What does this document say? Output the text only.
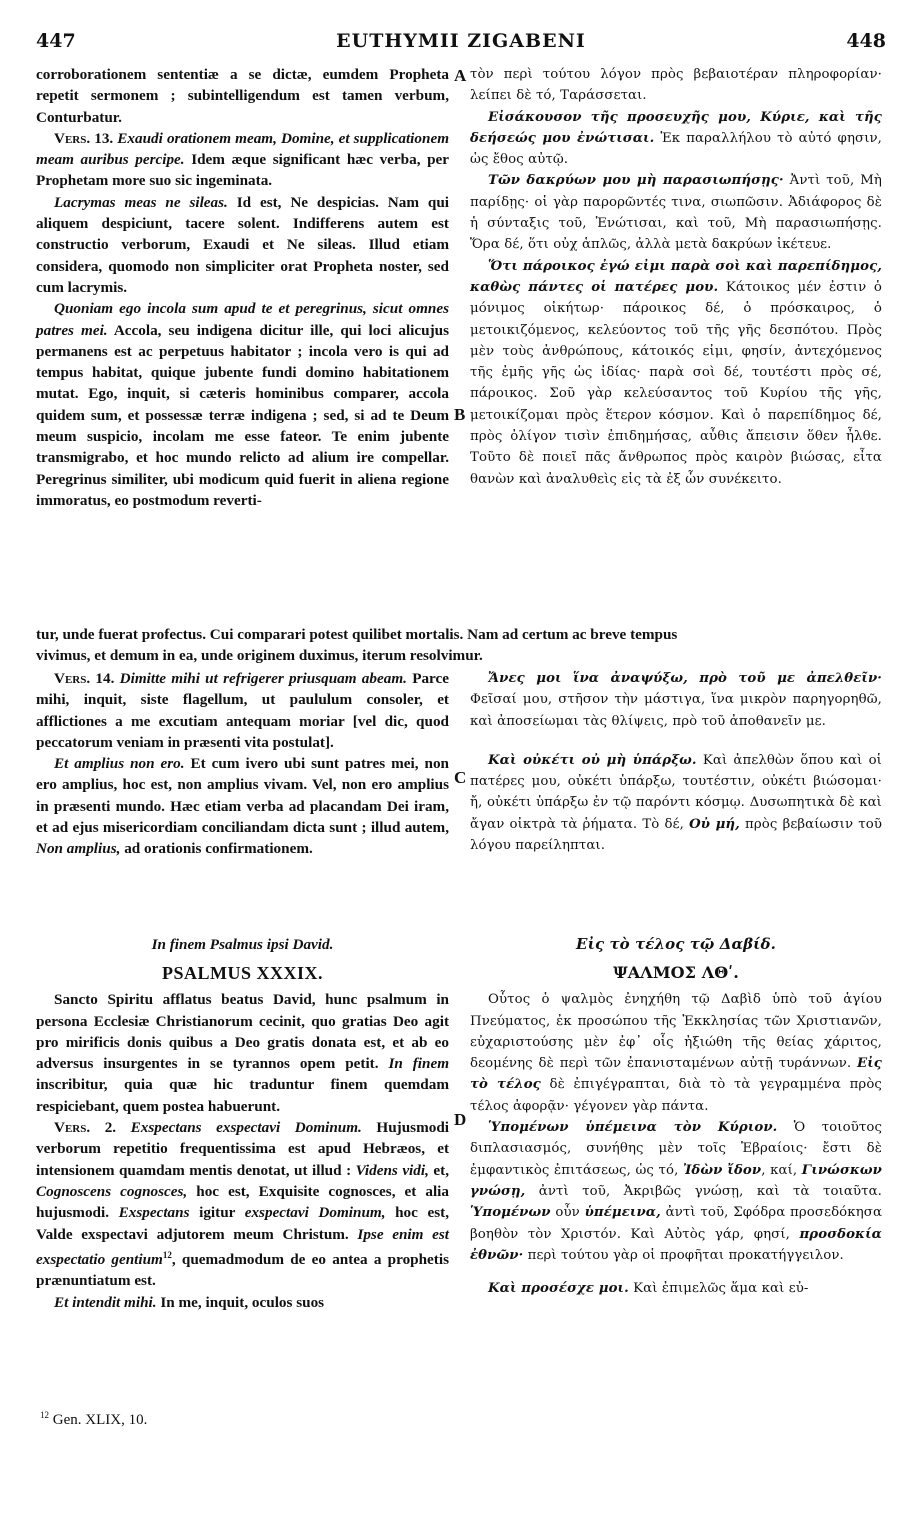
447	EUTHYMII ZIGABENI	448

corroborationem sententiæ a se dictæ, eumdem Propheta repetit sermonem ; subintelligendum est tamen verbum, Conturbatur.

Vers. 13. Exaudi orationem meam, Domine, et supplicationem meam auribus percipe. Idem æque significant hæc verba, per Prophetam more suo sic ingeminata.

Lacrymas meas ne sileas. Id est, Ne despicias. Nam qui aliquem despiciunt, tacere solent. Indifferens autem est constructio verborum, Exaudi et Ne sileas. Illud etiam considera, quomodo non simpliciter orat Propheta noster, sed cum lacrymis.

Quoniam ego incola sum apud te et peregrinus, sicut omnes patres mei. Accola, seu indigena dicitur ille, qui loci alicujus permanens est ac perpetuus habitator ; incola vero is qui ad tempus habitat, quique jubente fundi domino habitationem mutat. Ego, inquit, si cæteris hominibus comparer, accola quidem sum, et possessæ terræ indigena ; sed, si ad te Deum meum suspicio, incolam me esse fateor. Te enim jubente transmigrabo, et hoc mundo relicto ad alium ire compellar. Peregrinus similiter, ubi modicum quid fuerit in aliena regione immoratus, eo postmodum reverti-

τὸν περὶ τούτου λόγον πρὸς βεβαιοτέραν πληροφορίαν· λείπει δὲ τό, Ταράσσεται.

Εἰσάκουσον τῆς προσευχῆς μου, Κύριε, καὶ τῆς δεήσεώς μου ἐνώτισαι. Ἐκ παραλλήλου τὸ αὐτό φησιν, ὡς ἔθος αὐτῷ.

Τῶν δακρύων μου μὴ παρασιωπήσῃς· Ἀντὶ τοῦ, Μὴ παρίδῃς· οἱ γὰρ παρορῶντές τινα, σιωπῶσιν. Ἀδιάφορος δὲ ἡ σύνταξις τοῦ, Ἐνώτισαι, καὶ τοῦ, Μὴ παρασιωπήσῃς. Ὅρα δέ, ὅτι οὐχ ἁπλῶς, ἀλλὰ μετὰ δακρύων ἱκέτευε.

Ὅτι πάροικος ἐγώ εἰμι παρὰ σοὶ καὶ παρεπίδημος, καθὼς πάντες οἱ πατέρες μου. Κάτοικος μέν ἐστιν ὁ μόνιμος οἰκήτωρ· πάροικος δέ, ὁ πρόσκαιρος, ὁ μετοικιζόμενος, κελεύοντος τοῦ τῆς γῆς δεσπότου. Πρὸς μὲν τοὺς ἀνθρώπους, κάτοικός εἰμι, φησίν, ἀντεχόμενος τῆς ἐμῆς γῆς ὡς ἰδίας· παρὰ σοὶ δέ, τουτέστι πρὸς σέ, πάροικος. Σοῦ γὰρ κελεύσαντος τοῦ Κυρίου τῆς γῆς, μετοικίζομαι πρὸς ἕτερον κόσμον. Καὶ ὁ παρεπίδημος δέ, πρὸς ὀλίγον τισὶν ἐπιδημήσας, αὖθις ἄπεισιν ὅθεν ἦλθε. Τοῦτο δὲ ποιεῖ πᾶς ἄνθρωπος πρὸς καιρὸν βιώσας, εἶτα θανὼν καὶ ἀναλυθεὶς εἰς τὰ ἐξ ὧν συνέκειτο.

tur, unde fuerat profectus. Cui comparari potest quilibet mortalis. Nam ad certum ac breve tempus
vivimus, et demum in ea, unde originem duximus, iterum resolvimur.

Vers. 14. Dimitte mihi ut refrigerer priusquam abeam. Parce mihi, inquit, siste flagellum, ut paululum consoler, et afflictiones a me excutiam antequam moriar [vel dic, quod peccatorum veniam in præsenti vita postulat].

Et amplius non ero. Et cum ivero ubi sunt patres mei, non ero amplius, hoc est, non amplius vivam. Vel, non ero amplius in præsenti mundo. Hæc etiam verba ad placandam Dei iram, et ad ejus misericordiam conciliandam dicta sunt ; illud autem, Non amplius, ad orationis confirmationem.

Ἄνες μοι ἵνα ἀναψύξω, πρὸ τοῦ με ἀπελθεῖν· Φεῖσαί μου, στῆσον τὴν μάστιγα, ἵνα μικρὸν παρηγορηθῶ, καὶ ἀποσείωμαι τὰς θλίψεις, πρὸ τοῦ ἀποθανεῖν με.

Καὶ οὐκέτι οὐ μὴ ὑπάρξω. Καὶ ἀπελθὼν ὅπου καὶ οἱ πατέρες μου, οὐκέτι ὑπάρξω, τουτέστιν, οὐκέτι βιώσομαι· ἤ, οὐκέτι ὑπάρξω ἐν τῷ παρόντι κόσμῳ. Δυσωπητικὰ δὲ καὶ ἄγαν οἰκτρὰ τὰ ῥήματα. Τὸ δέ, Οὐ μή, πρὸς βεβαίωσιν τοῦ λόγου παρείληπται.

In finem Psalmus ipsi David.

PSALMUS XXXIX.

Sancto Spiritu afflatus beatus David, hunc psalmum in persona Ecclesiæ Christianorum cecinit, quo gratias Deo agit pro mirificis donis quibus a Deo gratis donata est, et ab eo adversus insurgentes in se tyrannos opem petit. In finem inscribitur, quia quæ hic traduntur finem quemdam respiciebant, quem postea habuerunt.

Vers. 2. Exspectans exspectavi Dominum. Hujusmodi verborum repetitio frequentissima est apud Hebræos, et intensionem quamdam mentis denotat, ut illud : Videns vidi, et, Cognoscens cognosces, hoc est, Exquisite cognosces, et alia hujusmodi. Exspectans igitur exspectavi Dominum, hoc est, Valde exspectavi adjutorem meum Christum. Ipse enim est exspectatio gentium$^{12}$, quemadmodum de eo antea a prophetis prænuntiatum est.

Et intendit mihi. In me, inquit, oculos suos

Εἰς τὸ τέλος τῷ Δαβίδ.

ΨΑΛΜΟΣ ΛΘʹ.

Οὗτος ὁ ψαλμὸς ἐνηχήθη τῷ Δαβὶδ ὑπὸ τοῦ ἁγίου Πνεύματος, ἐκ προσώπου τῆς Ἐκκλησίας τῶν Χριστιανῶν, εὐχαριστούσης μὲν ἐφ᾽ οἷς ἠξιώθη τῆς θείας χάριτος, δεομένης δὲ περὶ τῶν ἐπανισταμένων αὐτῇ τυράννων. Εἰς τὸ τέλος δὲ ἐπιγέγραπται, διὰ τὸ τὰ γεγραμμένα πρὸς τέλος ἀφορᾷν· γέγονεν γὰρ πάντα.

Ὑπομένων ὑπέμεινα τὸν Κύριον. Ὁ τοιοῦτος διπλασιασμός, συνήθης μὲν τοῖς Ἑβραίοις· ἔστι δὲ ἐμφαντικὸς ἐπιτάσεως, ὡς τό, Ἰδὼν ἴδον, καί, Γινώσκων γνώσῃ, ἀντὶ τοῦ, Ἀκριβῶς γνώσῃ, καὶ τὰ τοιαῦτα. Ὑπομένων οὖν ὑπέμεινα, ἀντὶ τοῦ, Σφόδρα προσεδόκησα βοηθὸν τὸν Χριστόν. Καὶ Αὐτὸς γάρ, φησί, προσδοκία ἐθνῶν· περὶ τούτου γὰρ οἱ προφῆται προκατήγγειλον.

Καὶ προσέσχε μοι. Καὶ ἐπιμελῶς ἅμα καὶ εὐ-

A
B
C
D
$^{12}$ Gen. XLIX, 10.
